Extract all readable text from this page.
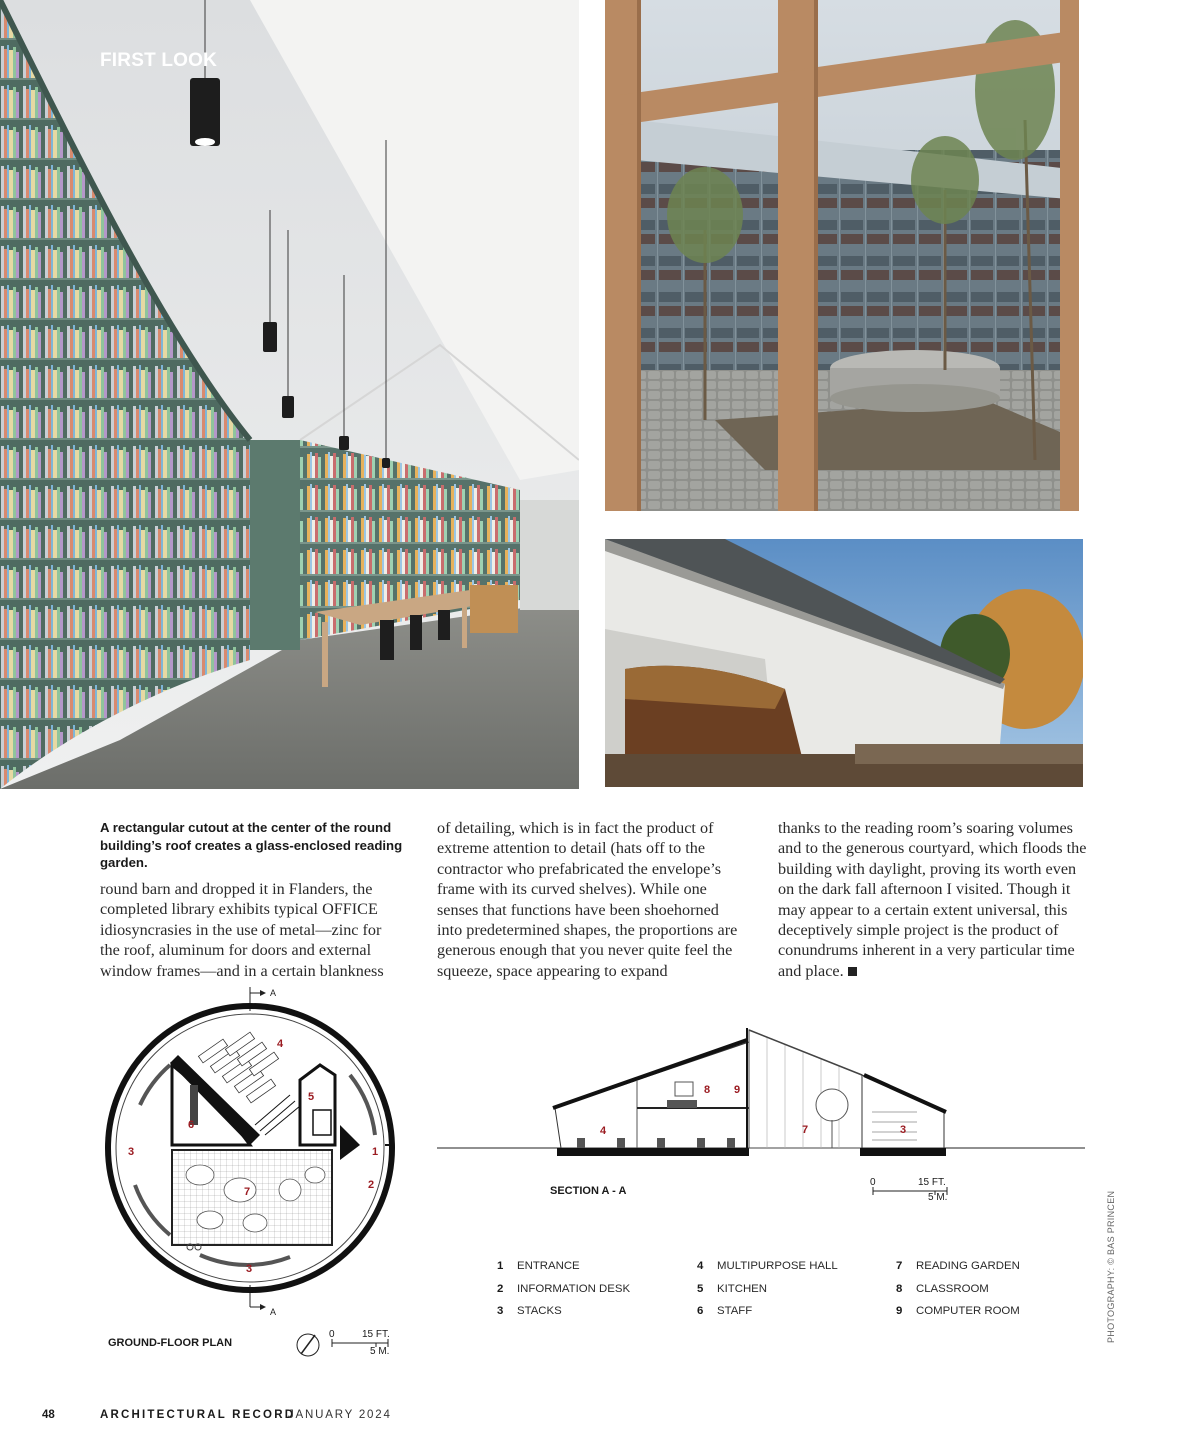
FIRST LOOK
A rectangular cutout at the center of the round building’s roof creates a glass-enclosed reading garden.
round barn and dropped it in Flanders, the completed library exhibits typical OFFICE idiosyncrasies in the use of metal—zinc for the roof, aluminum for doors and external window frames—and in a certain blankness
of detailing, which is in fact the product of extreme attention to detail (hats off to the contractor who prefabricated the envelope’s frame with its curved shelves). While one senses that functions have been shoehorned into predetermined shapes, the proportions are generous enough that you never quite feel the squeeze, space appearing to expand
thanks to the reading room’s soaring volumes and to the generous courtyard, which floods the building with daylight, proving its worth even on the dark fall afternoon I visited. Though it may appear to a certain extent universal, this deceptively simple project is the product of conundrums inherent in a very particular time and place.
A
A
1
2
3
3
4
5
6
7
GROUND-FLOOR PLAN
0	15 FT.
5 M.
4
8 9
7	3
SECTION A - A
0	15 FT.
5 M.
1	ENTRANCE
2	INFORMATION DESK
3	STACKS
4	MULTIPURPOSE HALL
5	KITCHEN
6	STAFF
7	READING GARDEN
8	CLASSROOM
9	COMPUTER ROOM	PHOTOGRAPHY: © BAS PRINCEN
48	ARCHITECTURAL RECORD
JANUARY 2024
